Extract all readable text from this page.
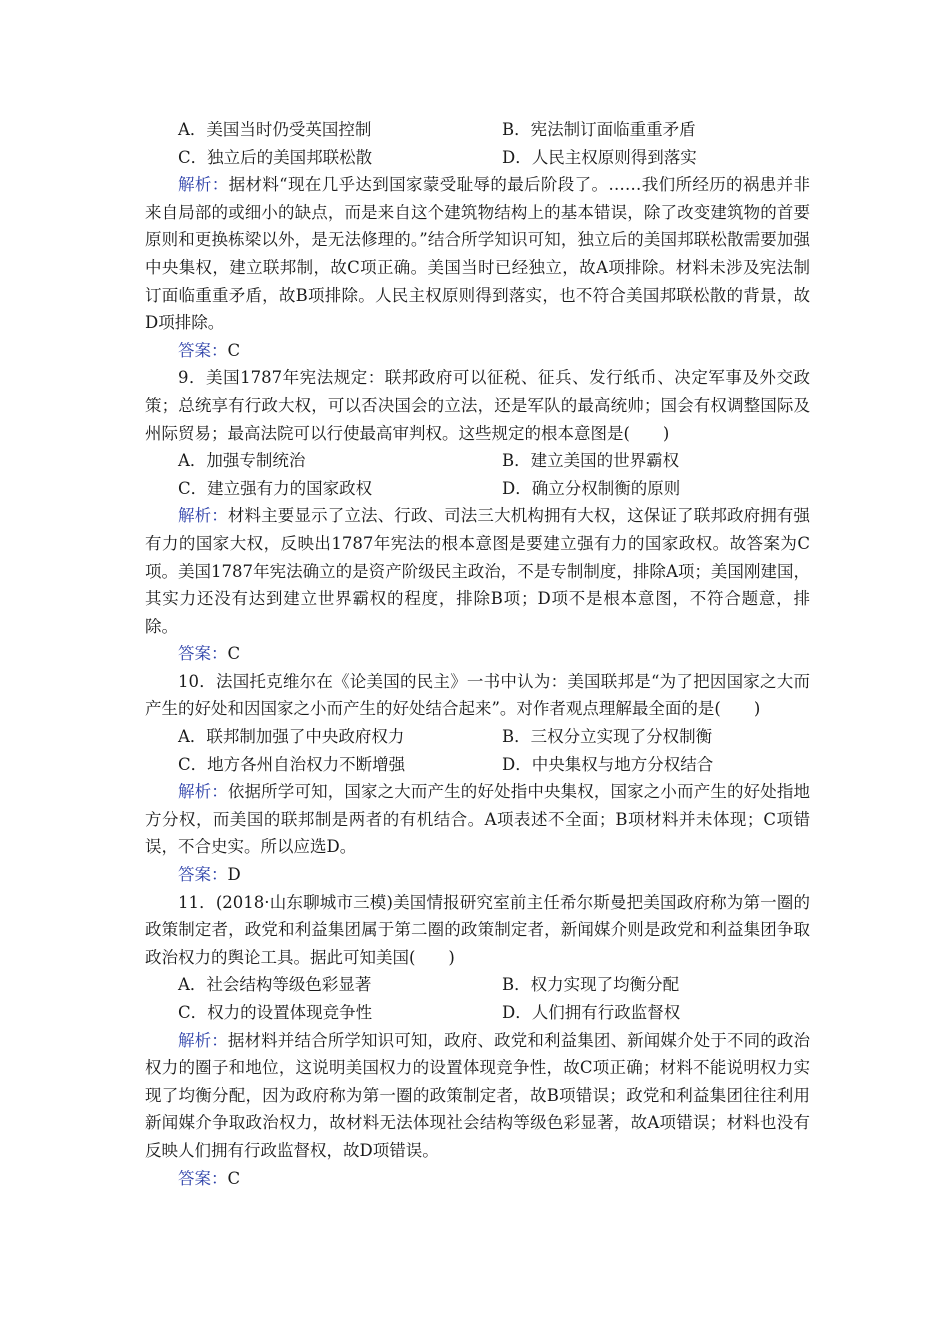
A．美国当时仍受英国控制	B．宪法制订面临重重矛盾
C．独立后的美国邦联松散	D．人民主权原则得到落实
解析：据材料“现在几乎达到国家蒙受耻辱的最后阶段了。……我们所经历的祸患并非来自局部的或细小的缺点，而是来自这个建筑物结构上的基本错误，除了改变建筑物的首要原则和更换栋梁以外，是无法修理的。”结合所学知识可知，独立后的美国邦联松散需要加强中央集权，建立联邦制，故C项正确。美国当时已经独立，故A项排除。材料未涉及宪法制订面临重重矛盾，故B项排除。人民主权原则得到落实，也不符合美国邦联松散的背景，故D项排除。
答案：C
9．美国1787年宪法规定：联邦政府可以征税、征兵、发行纸币、决定军事及外交政策；总统享有行政大权，可以否决国会的立法，还是军队的最高统帅；国会有权调整国际及州际贸易；最高法院可以行使最高审判权。这些规定的根本意图是(　　)
A．加强专制统治	B．建立美国的世界霸权
C．建立强有力的国家政权	D．确立分权制衡的原则
解析：材料主要显示了立法、行政、司法三大机构拥有大权，这保证了联邦政府拥有强有力的国家大权，反映出1787年宪法的根本意图是要建立强有力的国家政权。故答案为C项。美国1787年宪法确立的是资产阶级民主政治，不是专制制度，排除A项；美国刚建国，其实力还没有达到建立世界霸权的程度，排除B项；D项不是根本意图，不符合题意，排除。
答案：C
10．法国托克维尔在《论美国的民主》一书中认为：美国联邦是“为了把因国家之大而产生的好处和因国家之小而产生的好处结合起来”。对作者观点理解最全面的是(　　)
A．联邦制加强了中央政府权力	B．三权分立实现了分权制衡
C．地方各州自治权力不断增强	D．中央集权与地方分权结合
解析：依据所学可知，国家之大而产生的好处指中央集权，国家之小而产生的好处指地方分权，而美国的联邦制是两者的有机结合。A项表述不全面；B项材料并未体现；C项错误，不合史实。所以应选D。
答案：D
11．(2018·山东聊城市三模)美国情报研究室前主任希尔斯曼把美国政府称为第一圈的政策制定者，政党和利益集团属于第二圈的政策制定者，新闻媒介则是政党和利益集团争取政治权力的舆论工具。据此可知美国(　　)
A．社会结构等级色彩显著	B．权力实现了均衡分配
C．权力的设置体现竞争性	D．人们拥有行政监督权
解析：据材料并结合所学知识可知，政府、政党和利益集团、新闻媒介处于不同的政治权力的圈子和地位，这说明美国权力的设置体现竞争性，故C项正确；材料不能说明权力实现了均衡分配，因为政府称为第一圈的政策制定者，故B项错误；政党和利益集团往往利用新闻媒介争取政治权力，故材料无法体现社会结构等级色彩显著，故A项错误；材料也没有反映人们拥有行政监督权，故D项错误。
答案：C
